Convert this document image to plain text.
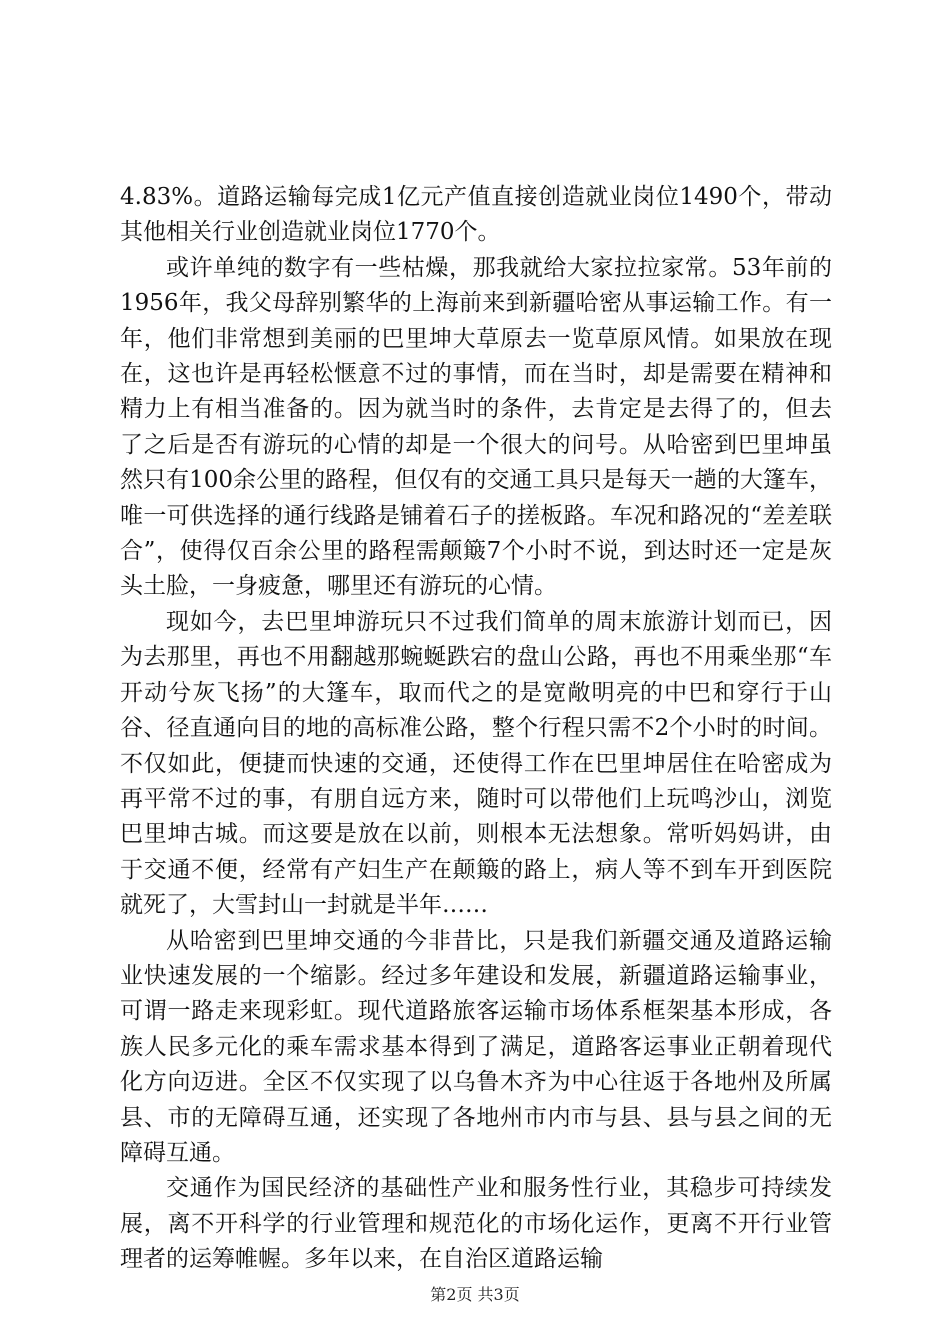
4.83%。道路运输每完成1亿元产值直接创造就业岗位1490个，带动其他相关行业创造就业岗位1770个。

或许单纯的数字有一些枯燥，那我就给大家拉拉家常。53年前的1956年，我父母辞别繁华的上海前来到新疆哈密从事运输工作。有一年，他们非常想到美丽的巴里坤大草原去一览草原风情。如果放在现在，这也许是再轻松惬意不过的事情，而在当时，却是需要在精神和精力上有相当准备的。因为就当时的条件，去肯定是去得了的，但去了之后是否有游玩的心情的却是一个很大的问号。从哈密到巴里坤虽然只有100余公里的路程，但仅有的交通工具只是每天一趟的大篷车，唯一可供选择的通行线路是铺着石子的搓板路。车况和路况的“差差联合”，使得仅百余公里的路程需颠簸7个小时不说，到达时还一定是灰头土脸，一身疲惫，哪里还有游玩的心情。

现如今，去巴里坤游玩只不过我们简单的周末旅游计划而已，因为去那里，再也不用翻越那蜿蜒跌宕的盘山公路，再也不用乘坐那“车开动兮灰飞扬”的大篷车，取而代之的是宽敞明亮的中巴和穿行于山谷、径直通向目的地的高标准公路，整个行程只需不2个小时的时间。不仅如此，便捷而快速的交通，还使得工作在巴里坤居住在哈密成为再平常不过的事，有朋自远方来，随时可以带他们上玩鸣沙山，浏览巴里坤古城。而这要是放在以前，则根本无法想象。常听妈妈讲，由于交通不便，经常有产妇生产在颠簸的路上，病人等不到车开到医院就死了，大雪封山一封就是半年……

从哈密到巴里坤交通的今非昔比，只是我们新疆交通及道路运输业快速发展的一个缩影。经过多年建设和发展，新疆道路运输事业，可谓一路走来现彩虹。现代道路旅客运输市场体系框架基本形成，各族人民多元化的乘车需求基本得到了满足，道路客运事业正朝着现代化方向迈进。全区不仅实现了以乌鲁木齐为中心往返于各地州及所属县、市的无障碍互通，还实现了各地州市内市与县、县与县之间的无障碍互通。

交通作为国民经济的基础性产业和服务性行业，其稳步可持续发展，离不开科学的行业管理和规范化的市场化运作，更离不开行业管理者的运筹帷幄。多年以来，在自治区道路运输

第2页 共3页
